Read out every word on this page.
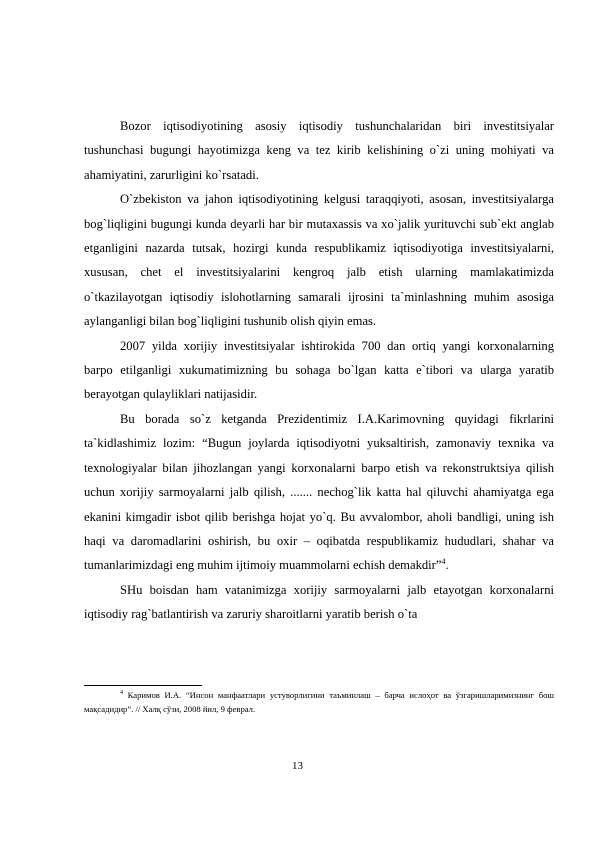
Bozor iqtisodiyotining asosiy iqtisodiy tushunchalaridan biri investitsiyalar tushunchasi bugungi hayotimizga keng va tez kirib kelishining o`zi uning mohiyati va ahamiyatini, zarurligini ko`rsatadi.

O`zbekiston va jahon iqtisodiyotining kelgusi taraqqiyoti, asosan, investitsiyalarga bog`liqligini bugungi kunda deyarli har bir mutaxassis va xo`jalik yurituvchi sub`ekt anglab etganligini nazarda tutsak, hozirgi kunda respublikamiz iqtisodiyotiga investitsiyalarni, xususan, chet el investitsiyalarini kengroq jalb etish ularning mamlakatimizda o`tkazilayotgan iqtisodiy islohotlarning samarali ijrosini ta`minlashning muhim asosiga aylanganligi bilan bog`liqligini tushunib olish qiyin emas.

2007 yilda xorijiy investitsiyalar ishtirokida 700 dan ortiq yangi korxonalarning barpo etilganligi xukumatimizning bu sohaga bo`lgan katta e`tibori va ularga yaratib berayotgan qulayliklari natijasidir.

Bu borada so`z ketganda Prezidentimiz I.A.Karimovning quyidagi fikrlarini ta`kidlashimiz lozim: “Bugun joylarda iqtisodiyotni yuksaltirish, zamonaviy texnika va texnologiyalar bilan jihozlangan yangi korxonalarni barpo etish va rekonstruktsiya qilish uchun xorijiy sarmoyalarni jalb qilish, ....... nechog`lik katta hal qiluvchi ahamiyatga ega ekanini kimgadir isbot qilib berishga hojat yo`q. Bu avvalombor, aholi bandligi, uning ish haqi va daromadlarini oshirish, bu oxir – oqibatda respublikamiz hududlari, shahar va tumanlarimizdagi eng muhim ijtimoiy muammolarni echish demakdir”$^4$.

SHu boisdan ham vatanimizga xorijiy sarmoyalarni jalb etayotgan korxonalarni iqtisodiy rag`batlantirish va zaruriy sharoitlarni yaratib berish o`ta

$^4$ Каримов И.А. “Инсон манфаатлари устуворлигини таъминлаш – барча ислоҳот ва ўзгаришларимизнинг бош мақсадидир”. // Халқ сўзи, 2008 йил, 9 феврал.
13
